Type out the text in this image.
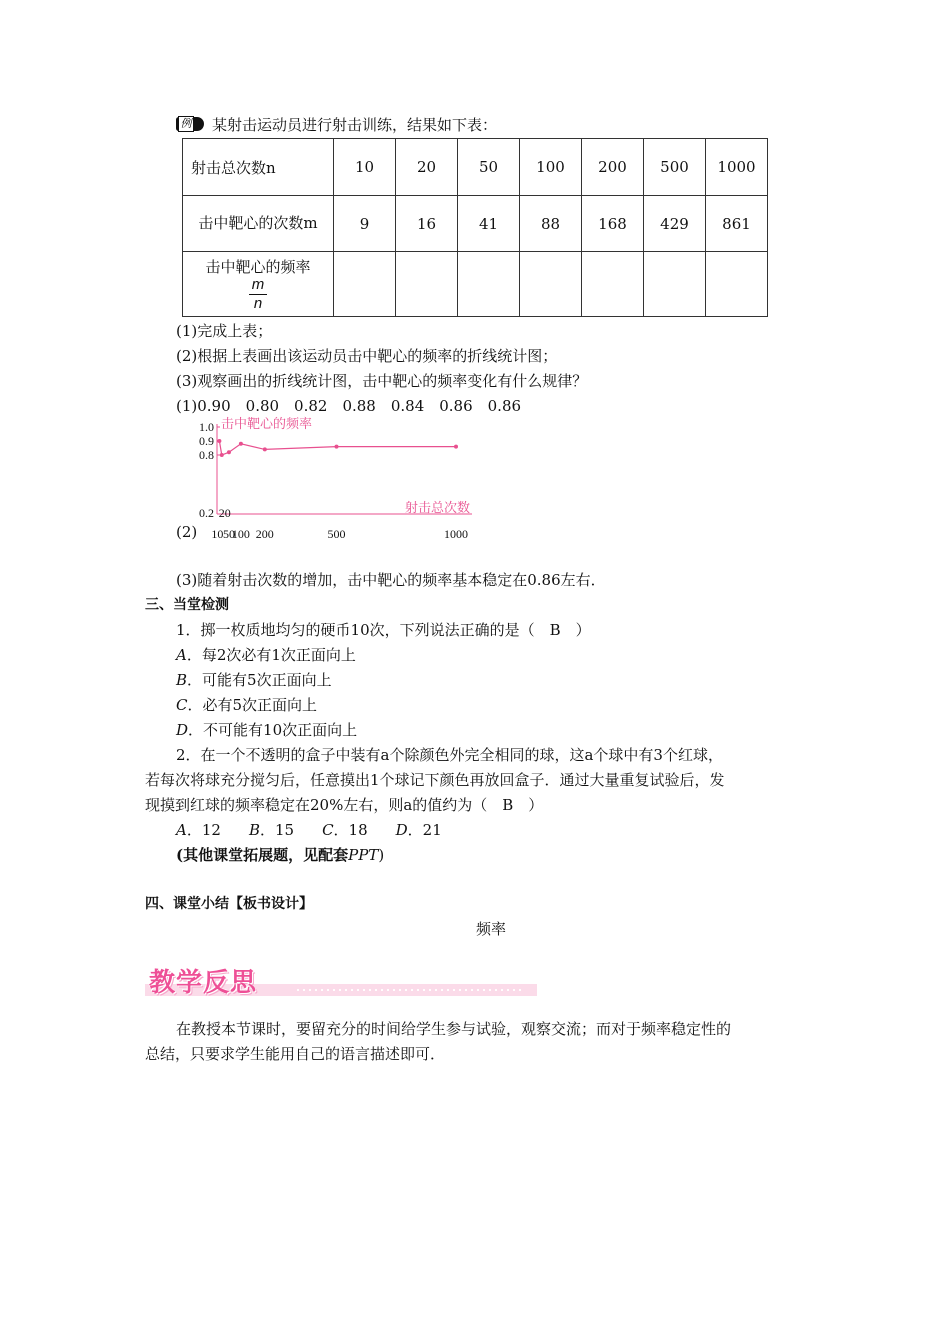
例 某射击运动员进行射击训练，结果如下表：
射击总次数n	10	20	50	100	200	500	1000
击中靶心的次数m	9	16	41	88	168	429	861

击中靶心的频率
$\frac{m}{n}$

(1)完成上表；
(2)根据上表画出该运动员击中靶心的频率的折线统计图；
(3)观察画出的折线统计图，击中靶心的频率变化有什么规律？
(1)0.90　0.80　0.82　0.88　0.84　0.86　0.86
(2)
1.0
0.9
0.8
0.2
击中靶心的频率
射击总次数
10
20
50
100 200	500	1000
(3)随着射击次数的增加，击中靶心的频率基本稳定在0.86左右．
三、当堂检测
1．掷一枚质地均匀的硬币10次，下列说法正确的是（　B　）
A．每2次必有1次正面向上
B．可能有5次正面向上
C．必有5次正面向上
D．不可能有10次正面向上
2．在一个不透明的盒子中装有a个除颜色外完全相同的球，这a个球中有3个红球，
若每次将球充分搅匀后，任意摸出1个球记下颜色再放回盒子．通过大量重复试验后，发
现摸到红球的频率稳定在20%左右，则a的值约为（　B　）
A．12 B．15 C．18 D．21
(其他课堂拓展题，见配套PPT)
四、课堂小结【板书设计】
频率
教学反思
在教授本节课时，要留充分的时间给学生参与试验，观察交流；而对于频率稳定性的
总结，只要求学生能用自己的语言描述即可．
